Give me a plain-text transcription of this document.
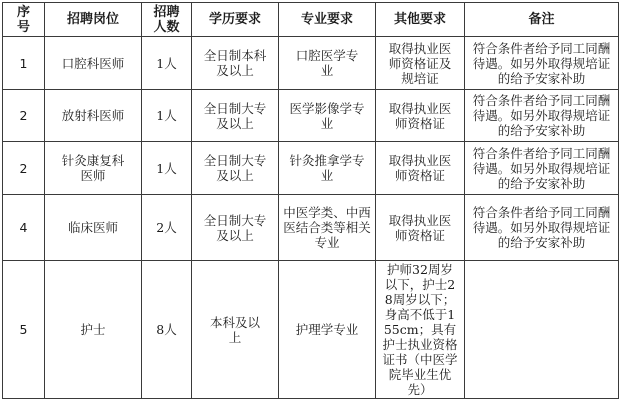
序号	招聘岗位	招聘人数	学历要求	专业要求	其他要求	备注
1	口腔科医师	1人	全日制本科及以上	口腔医学专业	取得执业医师资格证及规培证	符合条件者给予同工同酬待遇。如另外取得规培证的给予安家补助
2	放射科医师	1人	全日制大专及以上	医学影像学专业	取得执业医师资格证	符合条件者给予同工同酬待遇。如另外取得规培证的给予安家补助
2	针灸康复科医师	1人	全日制大专及以上	针灸推拿学专业	取得执业医师资格证	符合条件者给予同工同酬待遇。如另外取得规培证的给予安家补助
4	临床医师	2人	全日制大专及以上	中医学类、中西医结合类等相关专业	取得执业医师资格证	符合条件者给予同工同酬待遇。如另外取得规培证的给予安家补助
5	护士	8人	本科及以上	护理学专业	护师32周岁以下，护士28周岁以下；身高不低于155cm；具有护士执业资格证书（中医学院毕业生优先）	
